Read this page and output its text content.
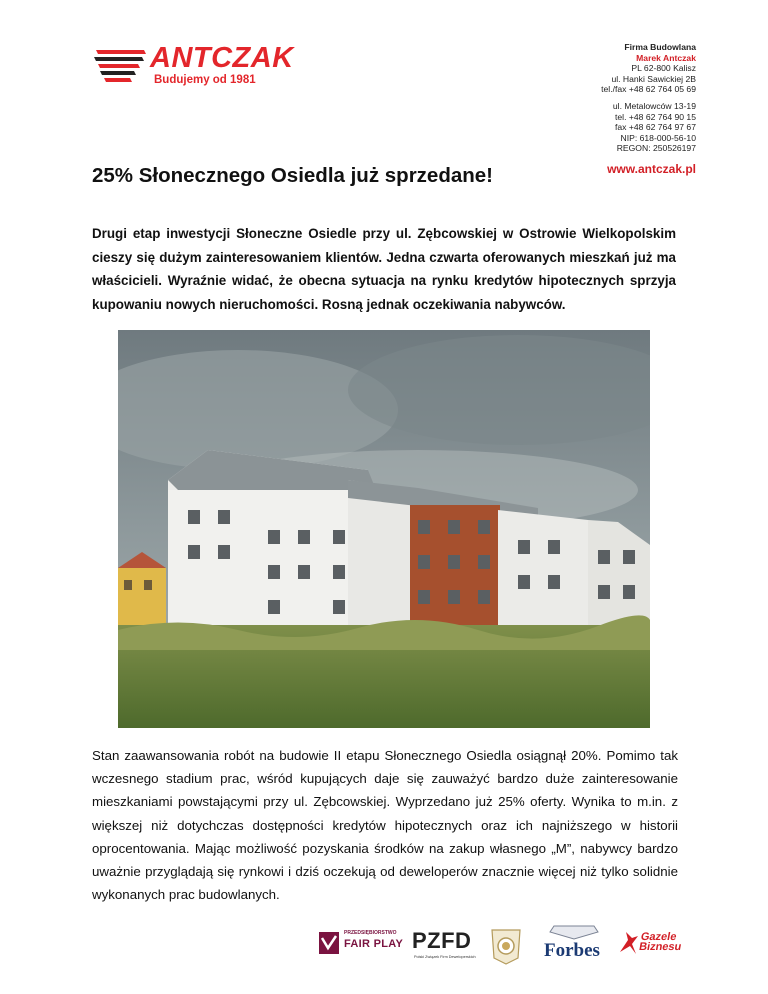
ANTCZAK
Budujemy od 1981
Firma Budowlana
Marek Antczak
PL 62-800 Kalisz
ul. Hanki Sawickiej 2B
tel./fax +48 62 764 05 69
ul. Metalowców 13-19
tel. +48 62 764 90 15
fax +48 62 764 97 67
NIP: 618-000-56-10
REGON: 250526197
www.antczak.pl
25% Słonecznego Osiedla już sprzedane!
Drugi etap inwestycji Słoneczne Osiedle przy ul. Zębcowskiej w Ostrowie Wielkopolskim cieszy się dużym zainteresowaniem klientów. Jedna czwarta oferowanych mieszkań już ma właścicieli. Wyraźnie widać, że obecna sytuacja na rynku kredytów hipotecznych sprzyja kupowaniu nowych nieruchomości. Rosną jednak oczekiwania nabywców.
Stan zaawansowania robót na budowie II etapu Słonecznego Osiedla osiągnął 20%. Pomimo tak wczesnego stadium prac, wśród kupujących daje się zauważyć bardzo duże zainteresowanie mieszkaniami powstającymi przy ul. Zębcowskiej. Wyprzedano już 25% oferty. Wynika to m.in. z większej niż dotychczas dostępności kredytów hipotecznych oraz ich najniższego w historii oprocentowania. Mając możliwość pozyskania środków na zakup własnego „M”, nabywcy bardzo uważnie przyglądają się rynkowi i dziś oczekują od deweloperów znacznie więcej niż tylko solidnie wykonanych prac budowlanych.
PRZEDSIĘBIORSTWO
FAIR PLAY PZFD
Polski Związek Firm Deweloperskich	Forbes
Gazele
Biznesu
